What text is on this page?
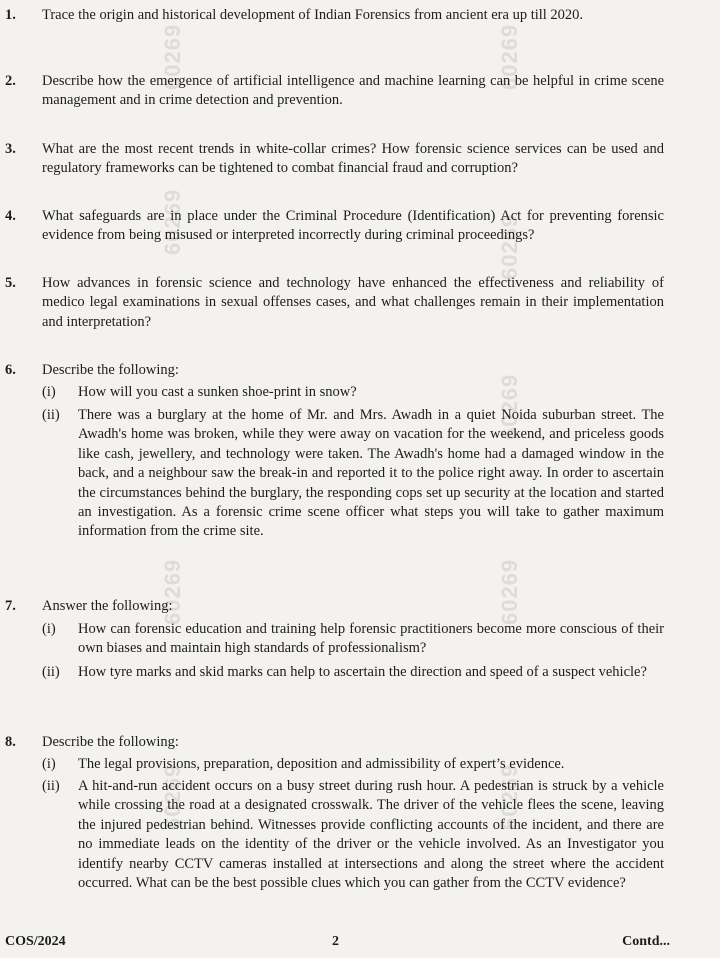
60269	60269
60269	60269
60269
60269	60269
60269	60269
1. Trace the origin and historical development of Indian Forensics from ancient era up till 2020.
2. Describe how the emergence of artificial intelligence and machine learning can be helpful in crime scene management and in crime detection and prevention.
3. What are the most recent trends in white-collar crimes? How forensic science services can be used and regulatory frameworks can be tightened to combat financial fraud and corruption?
4. What safeguards are in place under the Criminal Procedure (Identification) Act for preventing forensic evidence from being misused or interpreted incorrectly during criminal proceedings?
5. How advances in forensic science and technology have enhanced the effectiveness and reliability of medico legal examinations in sexual offenses cases, and what challenges remain in their implementation and interpretation?
6. Describe the following:
(i) How will you cast a sunken shoe-print in snow?
(ii) There was a burglary at the home of Mr. and Mrs. Awadh in a quiet Noida suburban street. The Awadh's home was broken, while they were away on vacation for the weekend, and priceless goods like cash, jewellery, and technology were taken. The Awadh's home had a damaged window in the back, and a neighbour saw the break-in and reported it to the police right away. In order to ascertain the circumstances behind the burglary, the responding cops set up security at the location and started an investigation. As a forensic crime scene officer what steps you will take to gather maximum information from the crime site.
7. Answer the following:
(i) How can forensic education and training help forensic practitioners become more conscious of their own biases and maintain high standards of professionalism?
(ii) How tyre marks and skid marks can help to ascertain the direction and speed of a suspect vehicle?
8. Describe the following:
(i) The legal provisions, preparation, deposition and admissibility of expert’s evidence.
(ii) A hit-and-run accident occurs on a busy street during rush hour. A pedestrian is struck by a vehicle while crossing the road at a designated crosswalk. The driver of the vehicle flees the scene, leaving the injured pedestrian behind. Witnesses provide conflicting accounts of the incident, and there are no immediate leads on the identity of the driver or the vehicle involved. As an Investigator you identify nearby CCTV cameras installed at intersections and along the street where the accident occurred. What can be the best possible clues which you can gather from the CCTV evidence?
COS/2024	2	Contd...
